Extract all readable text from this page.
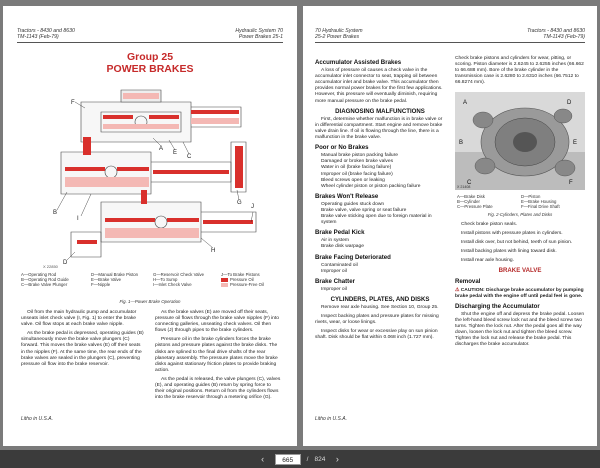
Tractors - 8430 and 8630
TM-1143 (Feb-79)
Hydraulic System 70
Power Brakes 25-1
Group 25
POWER BRAKES
F
A
E
C
G
B
I
D
H
J
X 22850
A—Operating Rod
B—Operating Rod Guide
C—Brake Valve Plunger
D—Manual Brake Piston
E—Brake Valve
F—Nipple
G—Reservoir Check Valve
H—To Sump
I—Inlet Check Valve
J—To Brake Pistons
Pressure Oil
Pressure-Free Oil
Fig. 1—Power Brake Operation

Oil from the main hydraulic pump and accumulator unseats inlet check valve (I, Fig. 1) to enter the brake valve. Oil flow stops at each brake valve nipple.

As the brake pedal is depressed, operating guides (B) simultaneously move the brake valve plungers (C) forward. This moves the brake valves (E) off their seats in the nipples (F). At the same time, the rear ends of the brake valves are sealed in the plungers (C), preventing pressure oil flow into the brake reservoir.

As the brake valves (E) are moved off their seats, pressure oil flows through the brake valve nipples (F) into connecting galleries, unseating check valves. Oil then flows (J) through pipes to the brake cylinders.

Pressure oil in the brake cylinders forces the brake pistons and pressure plates against the brake disks. The disks are splined to the final drive shafts of the rear planetary assembly. The pressure plates move the brake disks against stationary friction plates to provide braking action.

As the pedal is released, the valve plungers (C), valves (E), and operating guides (B) return by spring force to their original positions. Return oil from the cylinders flows into the brake reservoir through a metering orifice (G).

Litho in U.S.A.
70 Hydraulic System
25-2 Power Brakes
Tractors - 8430 and 8630
TM-1143 (Feb-79)
Accumulator Assisted Brakes

A loss of pressure oil causes a check valve in the accumulator inlet connector to seat, trapping oil between accumulator inlet and brake valve. This accumulator then provides normal power brakes for the first few applications. However, this pressure will eventually diminish, requiring more manual pressure on the brake pedal.

DIAGNOSING MALFUNCTIONS

First, determine whether malfunction is in brake valve or in differential compartment. Start engine and remove brake valve drain line. If oil is flowing through the line, there is a malfunction in the brake valve.

Poor or No Brakes
Manual brake piston packing failure
Damaged or broken brake valves
Water in oil (brake facing failure)
Improper oil (brake facing failure)
Bleed screws open or leaking
Wheel cylinder piston or piston packing failure
Brakes Won't Release
Operating guides stuck down
Brake valve, valve spring or seat failure
Brake valve sticking open due to foreign material in system
Brake Pedal Kick
Air in system
Brake disk warpage
Brake Facing Deteriorated
Contaminated oil
Improper oil
Brake Chatter
Improper oil
CYLINDERS, PLATES, AND DISKS

Remove rear axle housing. See Section 10, Group 25.

Inspect backing plates and pressure plates for missing rivets, wear, or loose linings.

Inspect disks for wear or excessive play on sun pinion shaft. Disk should be flat within 0.068 inch (1.727 mm).

Check brake pistons and cylinders for wear, pitting, or scoring. Piston diameter is 2.6245 to 2.6255 inches (66.662 to 66.688 mm). Bore of the brake cylinder in the transmission case is 2.6280 to 2.6310 inches (66.7512 to 66.8274 mm).

A	D
B	E
C	F
X 21408
A—Brake Disk
B—Cylinder
C—Pressure Plate
D—Piston
E—Brake Housing
F—Final Drive Shaft
Fig. 2-Cylinders, Plates and Disks

Check brake piston seals.

Install pistons with pressure plates in cylinders.

Install disk over, but not behind, teeth of sun pinion.

Install backing plates with lining toward disk.

Install rear axle housing.

BRAKE VALVE
Removal
⚠ CAUTION: Discharge brake accumulator by pumping brake pedal with the engine off until pedal feel is gone.
Discharging the Accumulator

Shut the engine off and depress the brake pedal. Loosen the left-hand bleed screw lock nut and the bleed screw two turns. Tighten the lock nut. After the pedal goes all the way down, loosen the lock nut and tighten the bleed screw. Tighten the lock nut and release the brake pedal. This discharges the brake accumulator.

Litho in U.S.A.
‹	665	/ 824 ›
